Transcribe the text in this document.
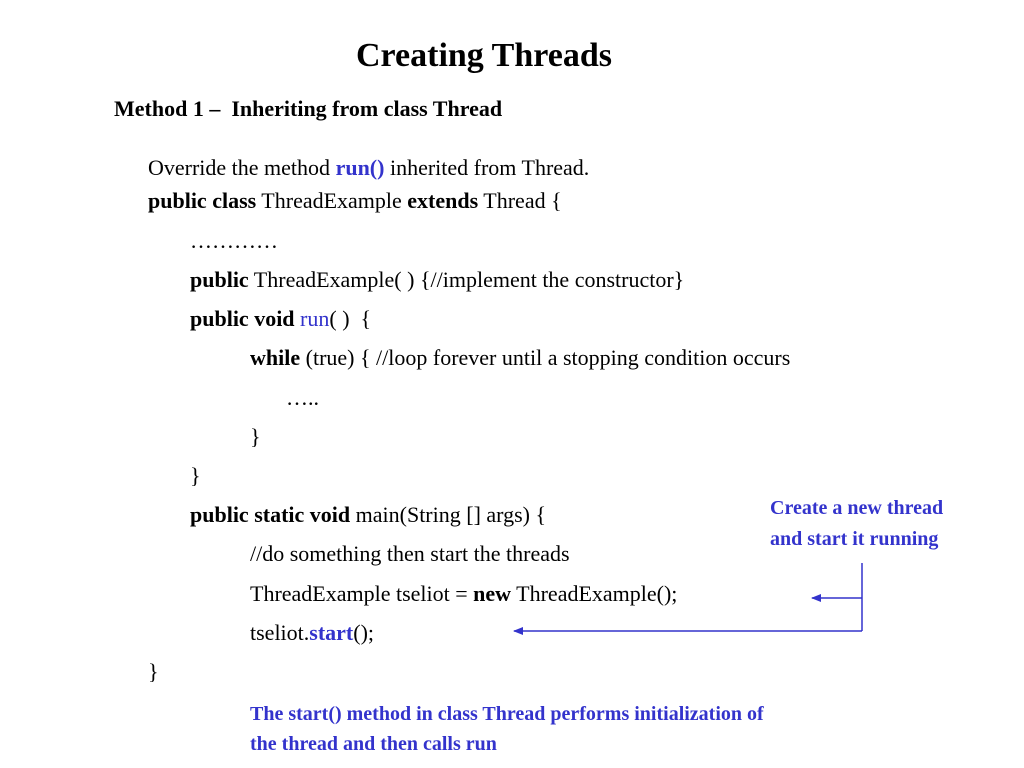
Creating Threads
Method 1 –  Inheriting from class Thread
Override the method run() inherited from Thread.
public class ThreadExample extends Thread {
…………
public ThreadExample( ) {//implement the constructor}
public void run( )  {
while (true) { //loop forever until a stopping condition occurs
…..
}
}
public static void main(String [] args) {
//do something then start the threads
ThreadExample tseliot = new ThreadExample();
tseliot.start();
}
Create a new thread
and start it running
The start() method in class Thread performs initialization of
the thread and then calls run
